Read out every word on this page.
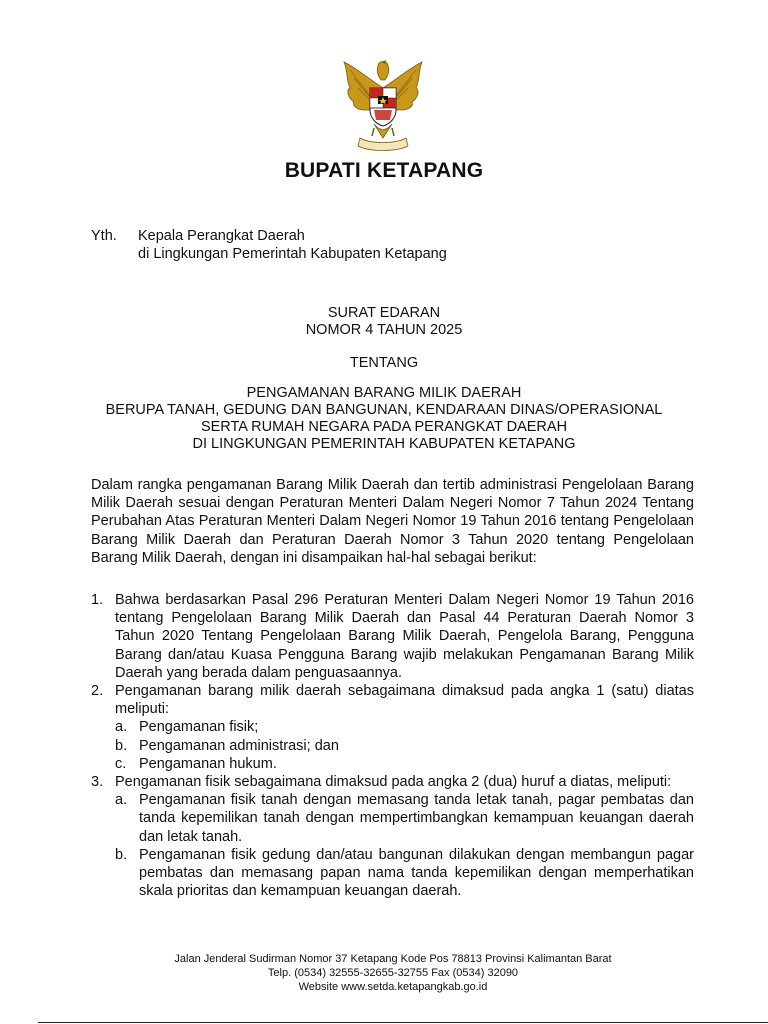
BUPATI KETAPANG
Yth.	Kepala Perangkat Daerah
di Lingkungan Pemerintah Kabupaten Ketapang
SURAT EDARAN
NOMOR 4 TAHUN 2025
TENTANG
PENGAMANAN BARANG MILIK DAERAH
BERUPA TANAH, GEDUNG DAN BANGUNAN, KENDARAAN DINAS/OPERASIONAL
SERTA RUMAH NEGARA PADA PERANGKAT DAERAH
DI LINGKUNGAN PEMERINTAH KABUPATEN KETAPANG
Dalam rangka pengamanan Barang Milik Daerah dan tertib administrasi Pengelolaan Barang Milik Daerah sesuai dengan Peraturan Menteri Dalam Negeri Nomor 7 Tahun 2024 Tentang Perubahan Atas Peraturan Menteri Dalam Negeri Nomor 19 Tahun 2016 tentang Pengelolaan Barang Milik Daerah dan Peraturan Daerah Nomor 3 Tahun 2020 tentang Pengelolaan Barang Milik Daerah, dengan ini disampaikan hal-hal sebagai berikut:
1. Bahwa berdasarkan Pasal 296 Peraturan Menteri Dalam Negeri Nomor 19 Tahun 2016 tentang Pengelolaan Barang Milik Daerah dan Pasal 44 Peraturan Daerah Nomor 3 Tahun 2020 Tentang Pengelolaan Barang Milik Daerah, Pengelola Barang, Pengguna Barang dan/atau Kuasa Pengguna Barang wajib melakukan Pengamanan Barang Milik Daerah yang berada dalam penguasaannya.
2. Pengamanan barang milik daerah sebagaimana dimaksud pada angka 1 (satu) diatas meliputi:
a. Pengamanan fisik;
b. Pengamanan administrasi; dan
c. Pengamanan hukum.
3. Pengamanan fisik sebagaimana dimaksud pada angka 2 (dua) huruf a diatas, meliputi:
a. Pengamanan fisik tanah dengan memasang tanda letak tanah, pagar pembatas dan tanda kepemilikan tanah dengan mempertimbangkan kemampuan keuangan daerah dan letak tanah.
b. Pengamanan fisik gedung dan/atau bangunan dilakukan dengan membangun pagar pembatas dan memasang papan nama tanda kepemilikan dengan memperhatikan skala prioritas dan kemampuan keuangan daerah.
Jalan Jenderal Sudirman Nomor 37 Ketapang Kode Pos 78813 Provinsi Kalimantan Barat
Telp. (0534) 32555-32655-32755 Fax (0534) 32090
Website www.setda.ketapangkab.go.id
